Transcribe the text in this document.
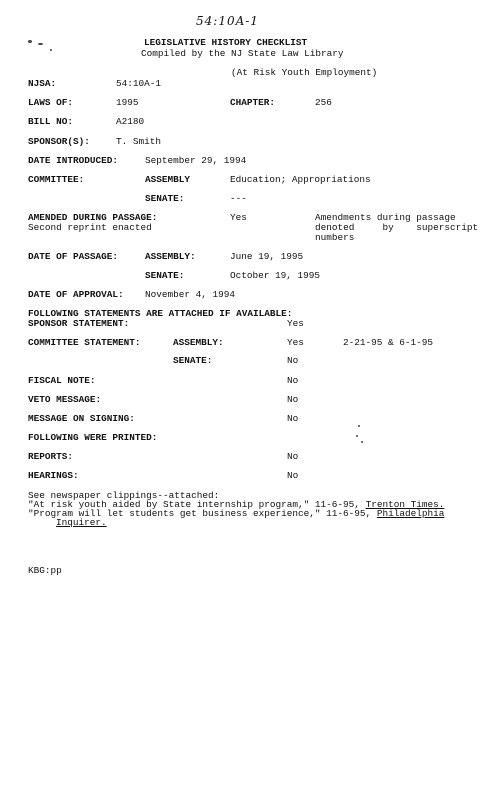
54:10A-1
LEGISLATIVE HISTORY CHECKLIST
Compiled by the NJ State Law Library
(At Risk Youth Employment)
NJSA:	54:10A-1
LAWS OF:	1995	CHAPTER:	256
BILL NO:	A2180
SPONSOR(S):	T. Smith
DATE INTRODUCED:	September 29, 1994
COMMITTEE:	ASSEMBLY	Education; Appropriations
SENATE:	---
AMENDED DURING PASSAGE:
Second reprint enacted
Yes	Amendments during passage
denoted     by    superscript
numbers
DATE OF PASSAGE:	ASSEMBLY:	June 19, 1995
SENATE:	October 19, 1995
DATE OF APPROVAL: November 4, 1994
FOLLOWING STATEMENTS ARE ATTACHED IF AVAILABLE:
SPONSOR STATEMENT:	Yes
COMMITTEE STATEMENT:	ASSEMBLY:	Yes	2-21-95 & 6-1-95
SENATE:	No
FISCAL NOTE:	No
VETO MESSAGE:	No
MESSAGE ON SIGNING:	No
FOLLOWING WERE PRINTED:
REPORTS:	No
HEARINGS:	No
See newspaper clippings--attached:
"At risk youth aided by State internship program," 11-6-95, Trenton Times.
"Program will let students get business experience," 11-6-95, Philadelphia
Inquirer.
KBG:pp
